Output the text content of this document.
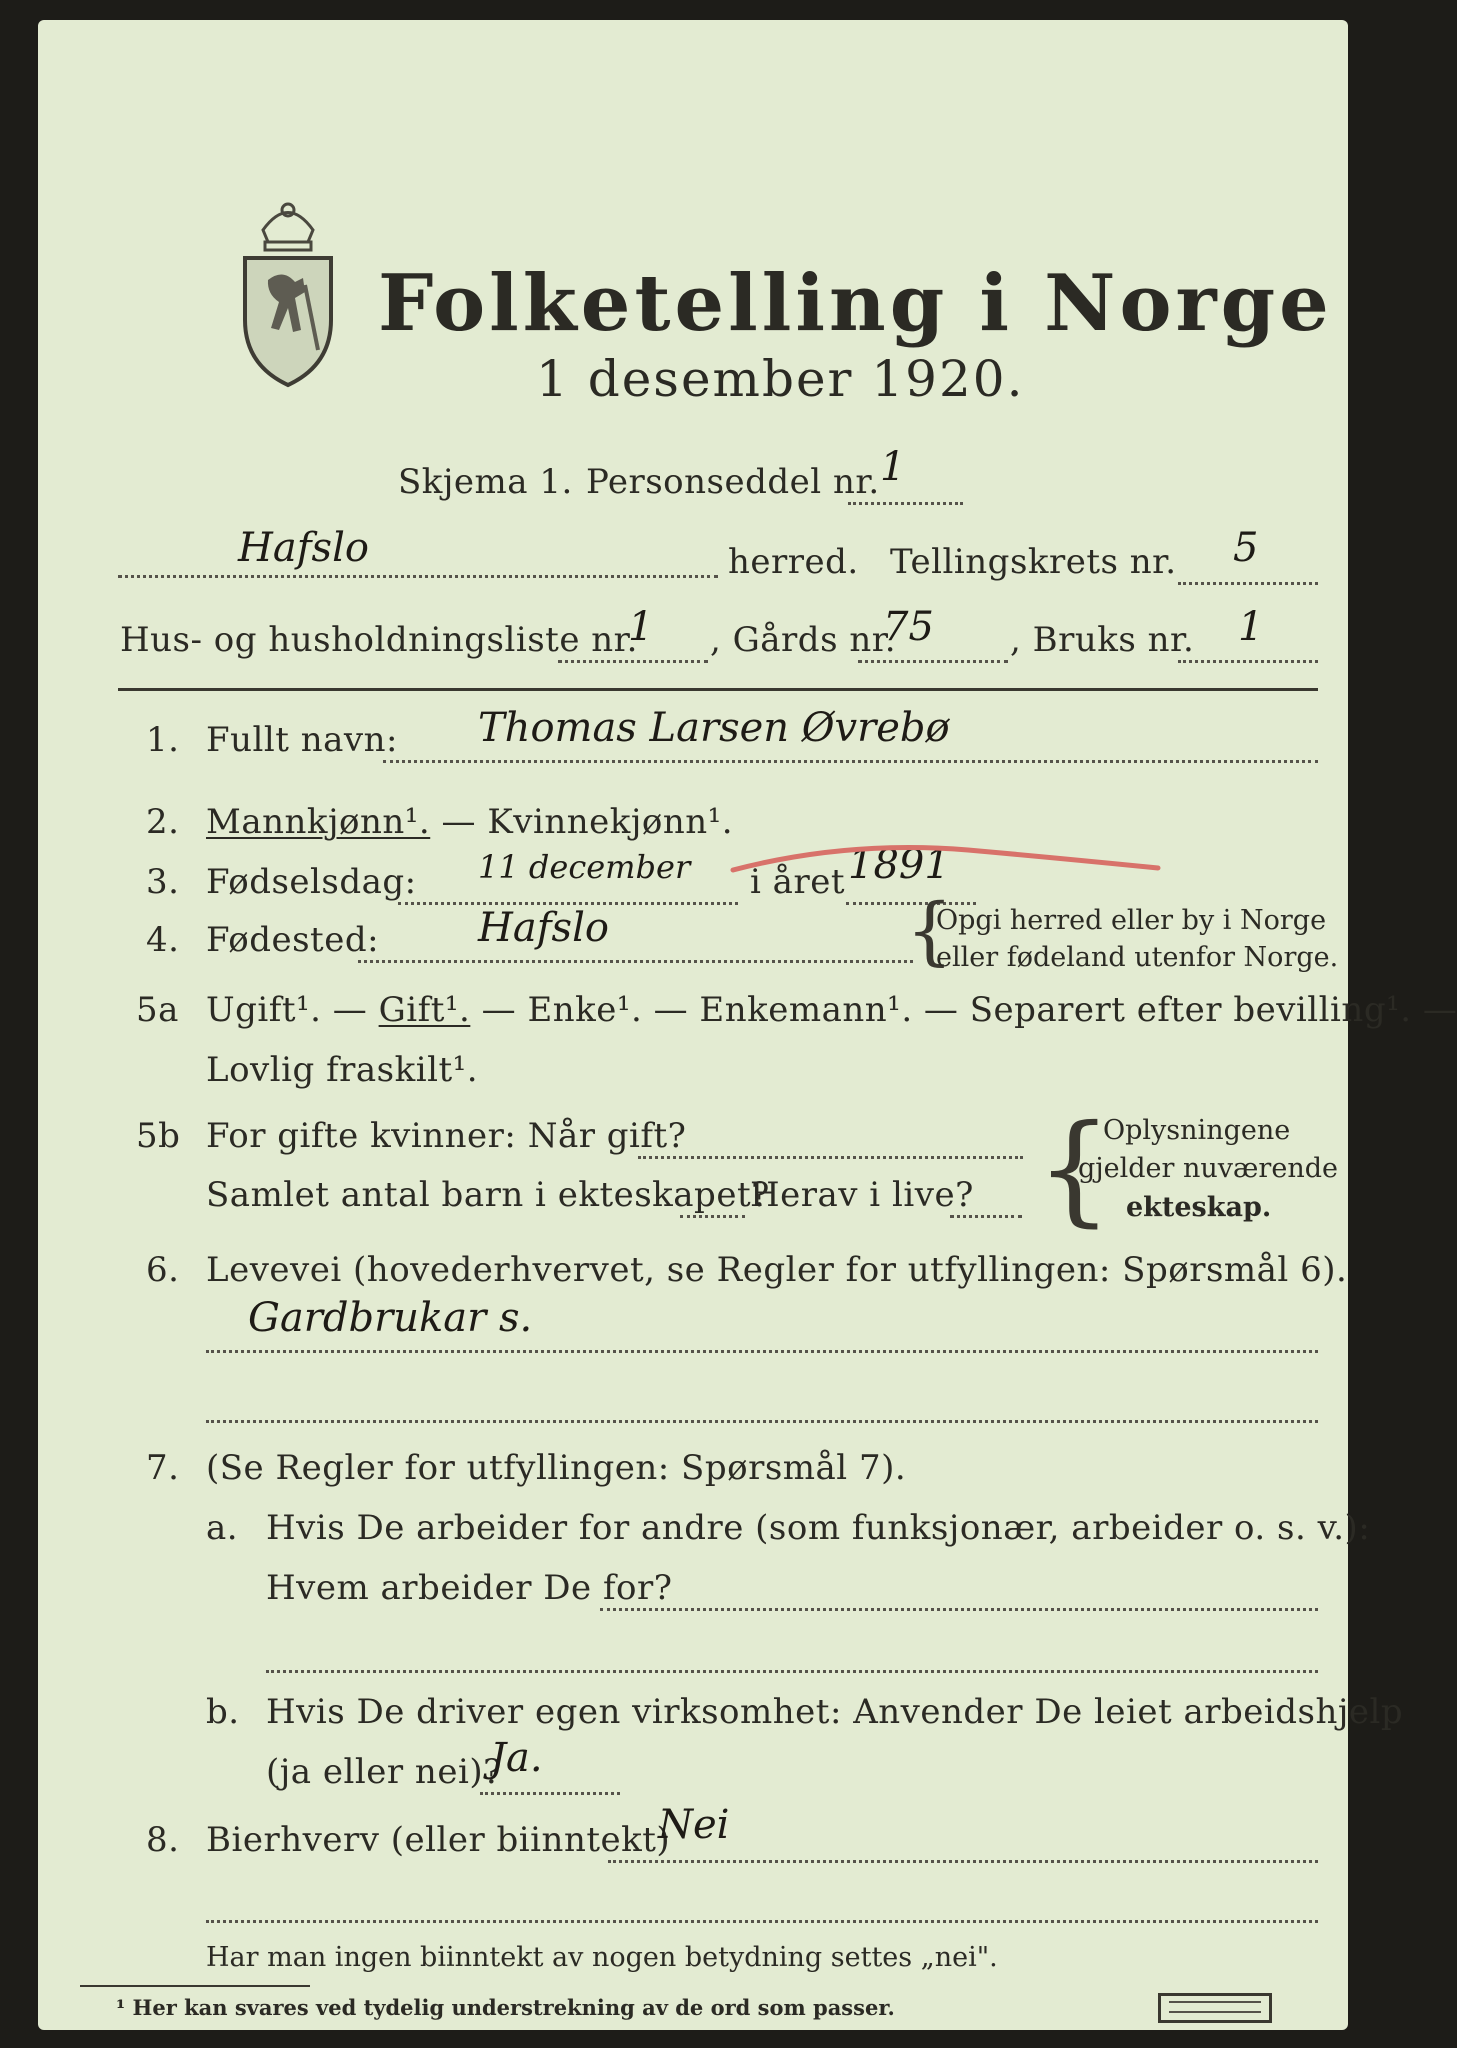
Folketelling i Norge
1 desember 1920.
Skjema 1. Personseddel nr. 1
Hafslo	herred. Tellingskrets nr. 5
Hus- og husholdningsliste nr.
1 , Gårds nr.
75 , Bruks nr. 1
1. Fullt navn: Thomas Larsen Øvrebø
2. Mannkjønn¹. — Kvinnekjønn¹.
3. Fødselsdag: 11 december i året 1891
4. Fødested: Hafslo	{
Opgi herred eller by i Norge
eller fødeland utenfor Norge.
5a Ugift¹. — Gift¹. — Enke¹. — Enkemann¹. — Separert efter bevilling¹. —
Lovlig fraskilt¹.
5b For gifte kvinner: Når gift?
Samlet antal barn i ekteskapet?
Herav i live? {
Oplysningene
gjelder nuværende
ekteskap.
6. Levevei (hovederhvervet, se Regler for utfyllingen: Spørsmål 6).
Gardbrukar s.
7. (Se Regler for utfyllingen: Spørsmål 7).
a. Hvis De arbeider for andre (som funksjonær, arbeider o. s. v.):
Hvem arbeider De for?
b. Hvis De driver egen virksomhet: Anvender De leiet arbeidshjelp
(ja eller nei)?
Ja.
8. Bierhverv (eller biinntekt)
Nei
Har man ingen biinntekt av nogen betydning settes „nei".
¹ Her kan svares ved tydelig understrekning av de ord som passer.
